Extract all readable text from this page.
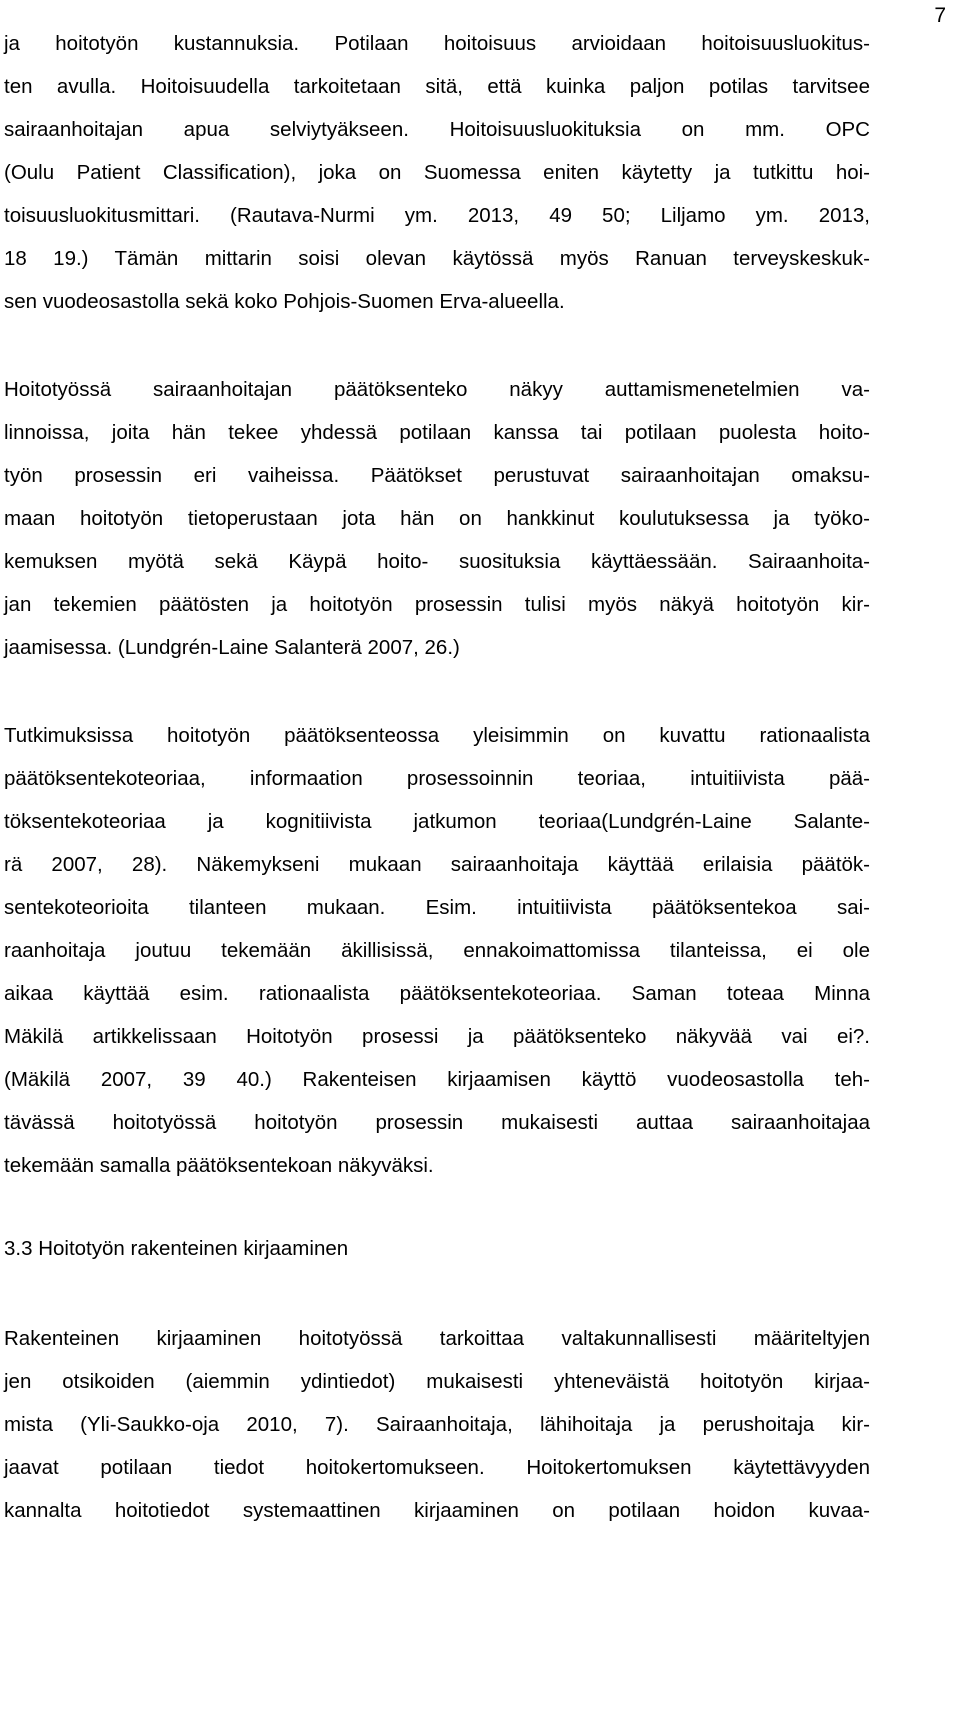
7
ja hoitotyön kustannuksia. Potilaan hoitoisuus arvioidaan hoitoisuusluokitus-
ten avulla. Hoitoisuudella tarkoitetaan sitä, että kuinka paljon potilas tarvitsee
sairaanhoitajan apua selviytyäkseen. Hoitoisuusluokituksia on mm. OPC
(Oulu Patient Classification), joka on Suomessa eniten käytetty ja tutkittu hoi-
toisuusluokitusmittari. (Rautava-Nurmi ym. 2013, 49 50; Liljamo ym. 2013,
18 19.) Tämän mittarin soisi olevan käytössä myös Ranuan terveyskeskuk-
sen vuodeosastolla sekä koko Pohjois-Suomen Erva-alueella.
Hoitotyössä sairaanhoitajan päätöksenteko näkyy auttamismenetelmien va-
linnoissa, joita hän tekee yhdessä potilaan kanssa tai potilaan puolesta hoito-
työn prosessin eri vaiheissa. Päätökset perustuvat sairaanhoitajan omaksu-
maan hoitotyön tietoperustaan jota hän on hankkinut koulutuksessa ja työko-
kemuksen myötä sekä Käypä hoito- suosituksia käyttäessään. Sairaanhoita-
jan tekemien päätösten ja hoitotyön prosessin tulisi myös näkyä hoitotyön kir-
jaamisessa. (Lundgrén-Laine Salanterä 2007, 26.)
Tutkimuksissa hoitotyön päätöksenteossa yleisimmin on kuvattu rationaalista
päätöksentekoteoriaa, informaation prosessoinnin teoriaa, intuitiivista pää-
töksentekoteoriaa ja kognitiivista jatkumon teoriaa(Lundgrén-Laine Salante-
rä 2007, 28). Näkemykseni mukaan sairaanhoitaja käyttää erilaisia päätök-
sentekoteorioita tilanteen mukaan. Esim. intuitiivista päätöksentekoa sai-
raanhoitaja joutuu tekemään äkillisissä, ennakoimattomissa tilanteissa, ei ole
aikaa käyttää esim. rationaalista päätöksentekoteoriaa. Saman toteaa Minna
Mäkilä artikkelissaan Hoitotyön prosessi ja päätöksenteko näkyvää vai ei?.
(Mäkilä 2007, 39 40.) Rakenteisen kirjaamisen käyttö vuodeosastolla teh-
tävässä hoitotyössä hoitotyön prosessin mukaisesti auttaa sairaanhoitajaa
tekemään samalla päätöksentekoan näkyväksi.
3.3 Hoitotyön rakenteinen kirjaaminen
Rakenteinen kirjaaminen hoitotyössä tarkoittaa valtakunnallisesti määriteltyjen
jen otsikoiden (aiemmin ydintiedot) mukaisesti yhteneväistä hoitotyön kirjaa-
mista (Yli-Saukko-oja 2010, 7). Sairaanhoitaja, lähihoitaja ja perushoitaja kir-
jaavat potilaan tiedot hoitokertomukseen. Hoitokertomuksen käytettävyyden
kannalta hoitotiedot systemaattinen kirjaaminen on potilaan hoidon kuvaa-
